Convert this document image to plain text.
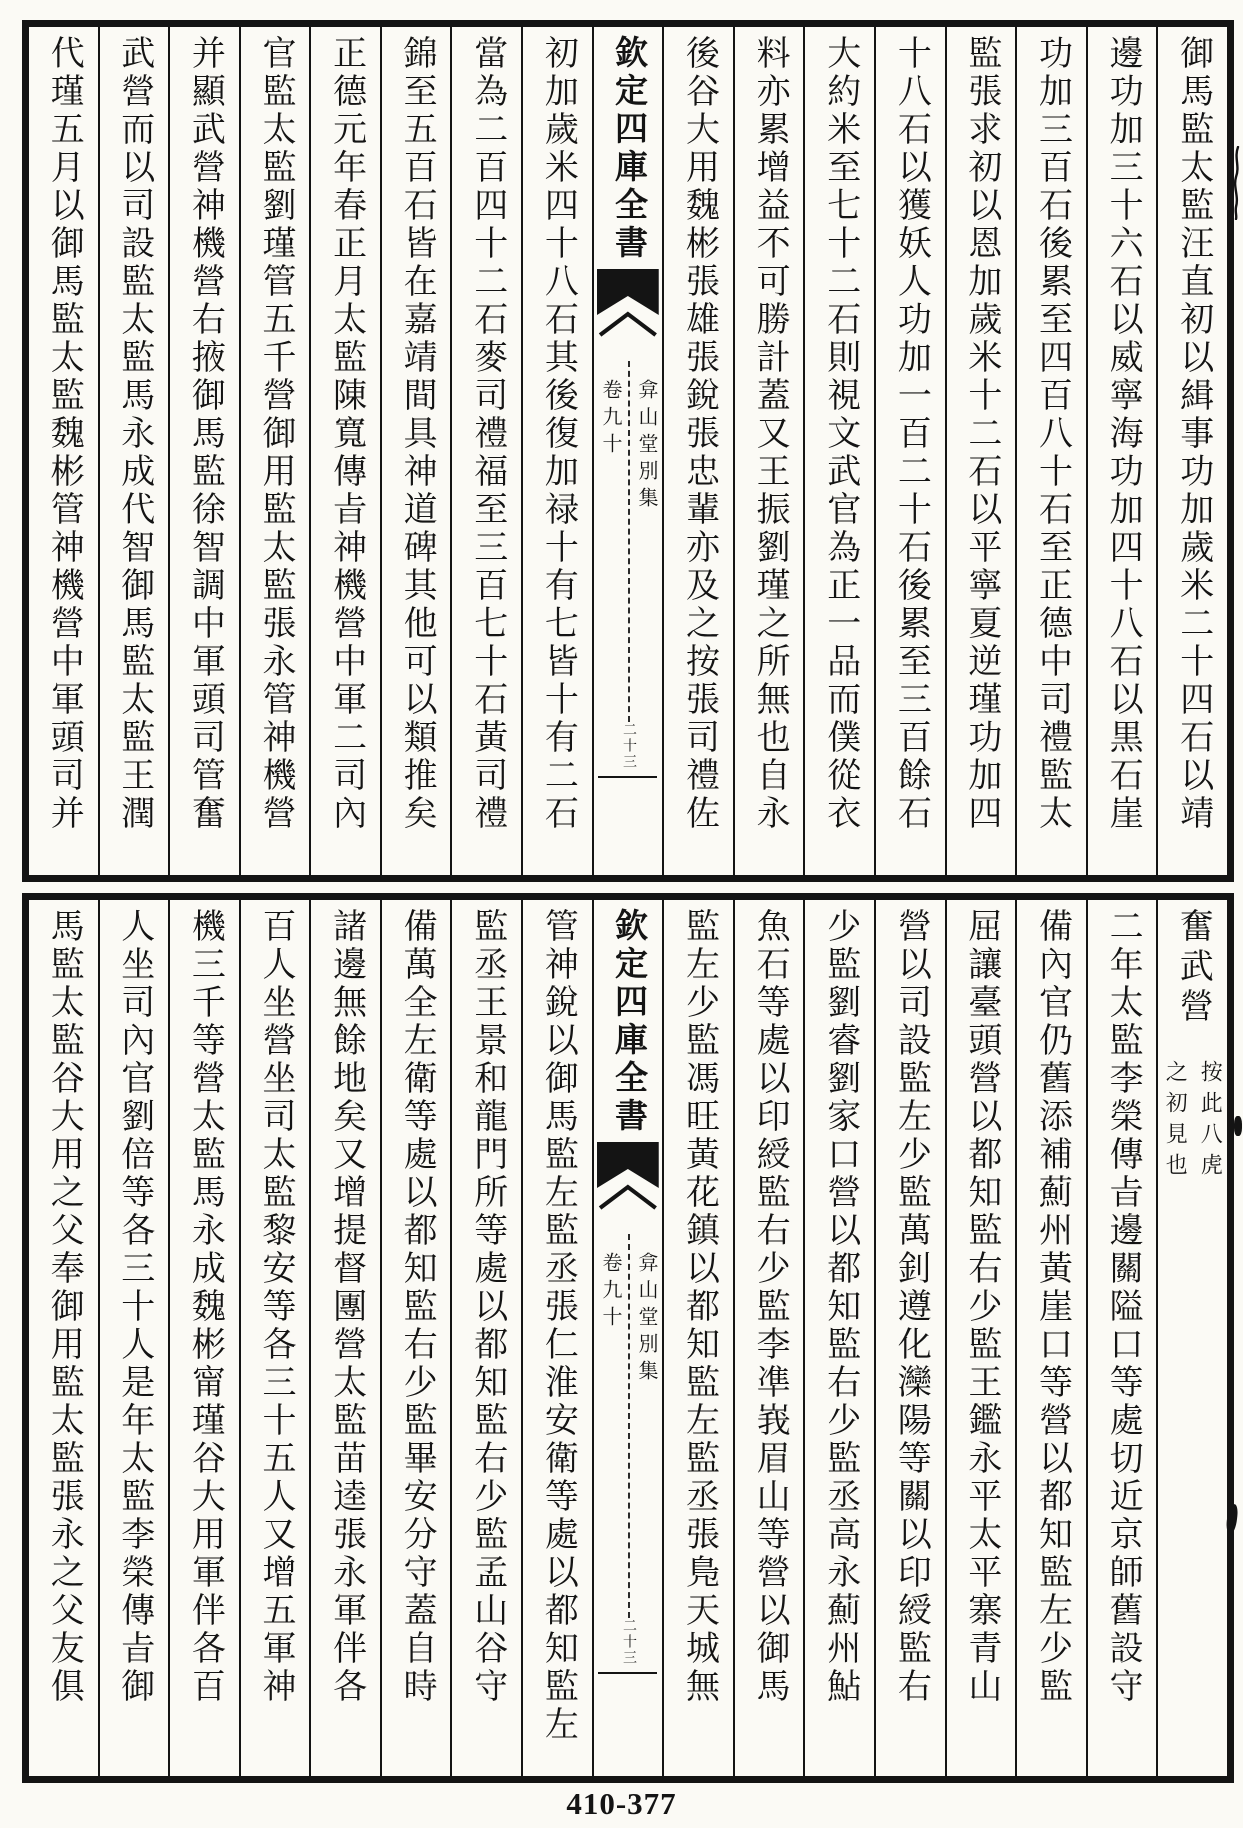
御馬監太監汪直初以緝事功加歲米二十四石以靖
邊功加三十六石以威寧海功加四十八石以黒石崖
功加三百石後累至四百八十石至正德中司禮監太
監張求初以恩加歲米十二石以平寧夏逆瑾功加四
十八石以獲妖人功加一百二十石後累至三百餘石
大約米至七十二石則視文武官為正一品而僕從衣
料亦累增益不可勝計蓋又王振劉瑾之所無也自永
後谷大用魏彬張雄張銳張忠輩亦及之按張司禮佐
欽定四庫全書
弇山堂別集
卷九十
二十三
初加歲米四十八石其後復加禄十有七皆十有二石
當為二百四十二石麥司禮福至三百七十石黃司禮
錦至五百石皆在嘉靖間具神道碑其他可以類推矣
正德元年春正月太監陳寬傳㫖神機營中軍二司內
官監太監劉瑾管五千營御用監太監張永管神機營
并顯武營神機營右掖御馬監徐智調中軍頭司管奮
武營而以司設監太監馬永成代智御馬監太監王潤
代瑾五月以御馬監太監魏彬管神機營中軍頭司并
奮武營
按此八虎
之初見也
二年太監李榮傳㫖邊關隘口等處切近京師舊設守
備內官仍舊添補薊州黃崖口等營以都知監左少監
屈讓臺頭營以都知監右少監王鑑永平太平寨青山
營以司設監左少監萬釗遵化灤陽等關以印綬監右
少監劉睿劉家口營以都知監右少監丞高永薊州鮎
魚石等處以印綬監右少監李凖峩眉山等營以御馬
監左少監馮旺黃花鎮以都知監左監丞張鳬天城無
欽定四庫全書
弇山堂別集
卷九十
二十三
管神銳以御馬監左監丞張仁淮安衛等處以都知監左
監丞王景和龍門所等處以都知監右少監孟山谷守
備萬全左衛等處以都知監右少監畢安分守蓋自時
諸邊無餘地矣又增提督團營太監苗逵張永軍伴各
百人坐營坐司太監黎安等各三十五人又增五軍神
機三千等營太監馬永成魏彬甯瑾谷大用軍伴各百
人坐司內官劉倍等各三十人是年太監李榮傳㫖御
馬監太監谷大用之父奉御用監太監張永之父友俱
410-377
